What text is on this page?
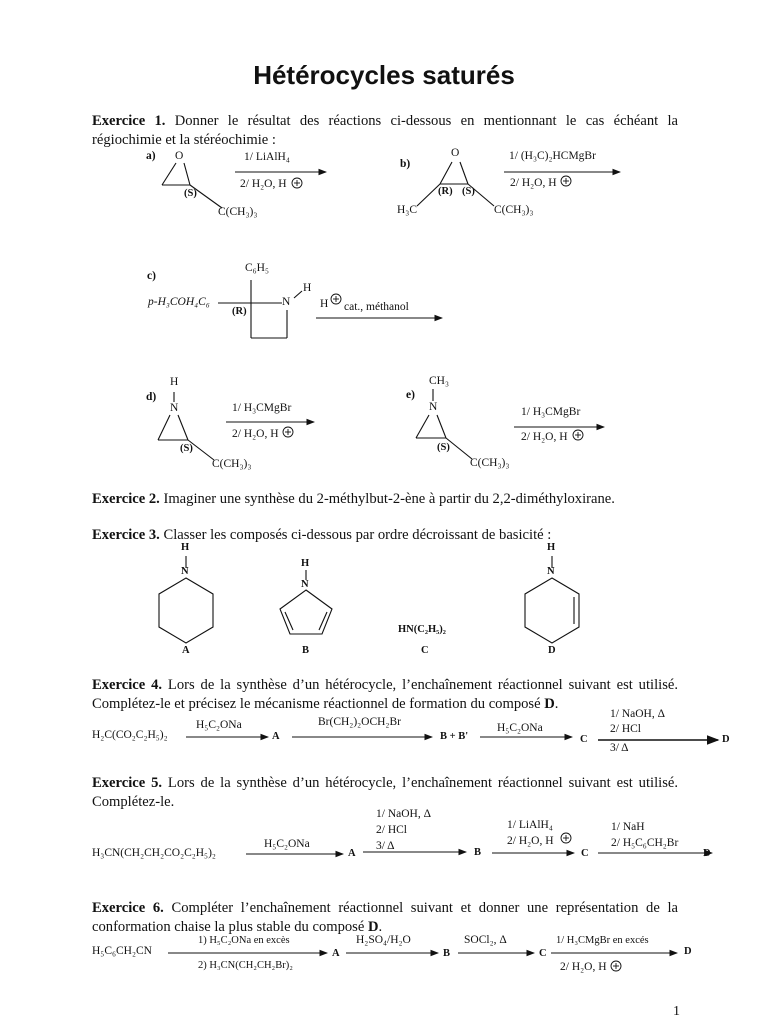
Hétérocycles saturés
Exercice 1. Donner le résultat des réactions ci-dessous en mentionnant le cas échéant la régiochimie et la stéréochimie :
a) O
(S)
C(CH₃)₃
1/ LiAlH₄
2/ H₂O, H
b)
O
(R) (S)
H₃C	C(CH₃)₃
1/ (H₃C)₂HCMgBr
2/ H₂O, H
c)
C₆H₅
p-H₃COH₄C₆
(R)
N
H
H cat., méthanol
d)
H
N
(S)
C(CH₃)₃
1/ H₃CMgBr
2/ H₂O, H
e)
CH₃
N
(S)
C(CH₃)₃
1/ H₃CMgBr
2/ H₂O, H
Exercice 2. Imaginer une synthèse du 2-méthylbut-2-ène à partir du 2,2-diméthyloxirane.
Exercice 3. Classer les composés ci-dessous par ordre décroissant de basicité :
H
N
H
N
H
N
HN(C₂H₅)₂
A	B	C	D
Exercice 4. Lors de la synthèse d’un hétérocycle, l’enchaînement réactionnel suivant est utilisé. Complétez-le et précisez le mécanisme réactionnel de formation du composé D.
H₂C(CO₂C₂H₅)₂
H₅C₂ONa
A
Br(CH₂)₂OCH₂Br
B + B'
H₅C₂ONa
C
1/ NaOH, Δ
2/ HCl
3/ Δ
D
Exercice 5. Lors de la synthèse d’un hétérocycle, l’enchaînement réactionnel suivant est utilisé. Complétez-le.
H₃CN(CH₂CH₂CO₂C₂H₅)₂
H₅C₂ONa
A
1/ NaOH, Δ
2/ HCl
3/ Δ
B
1/ LiAlH₄
2/ H₂O, H
C
1/ NaH
2/ H₅C₆CH₂Br
D
Exercice 6. Compléter l’enchaînement réactionnel suivant et donner une représentation de la conformation chaise la plus stable du composé D.
H₅C₆CH₂CN
1) H₅C₂ONa en excès
2) H₃CN(CH₂CH₂Br)₂
A
H₂SO₄/H₂O
B
SOCl₂, Δ
C
1/ H₃CMgBr en excés
2/ H₂O, H
D
1
